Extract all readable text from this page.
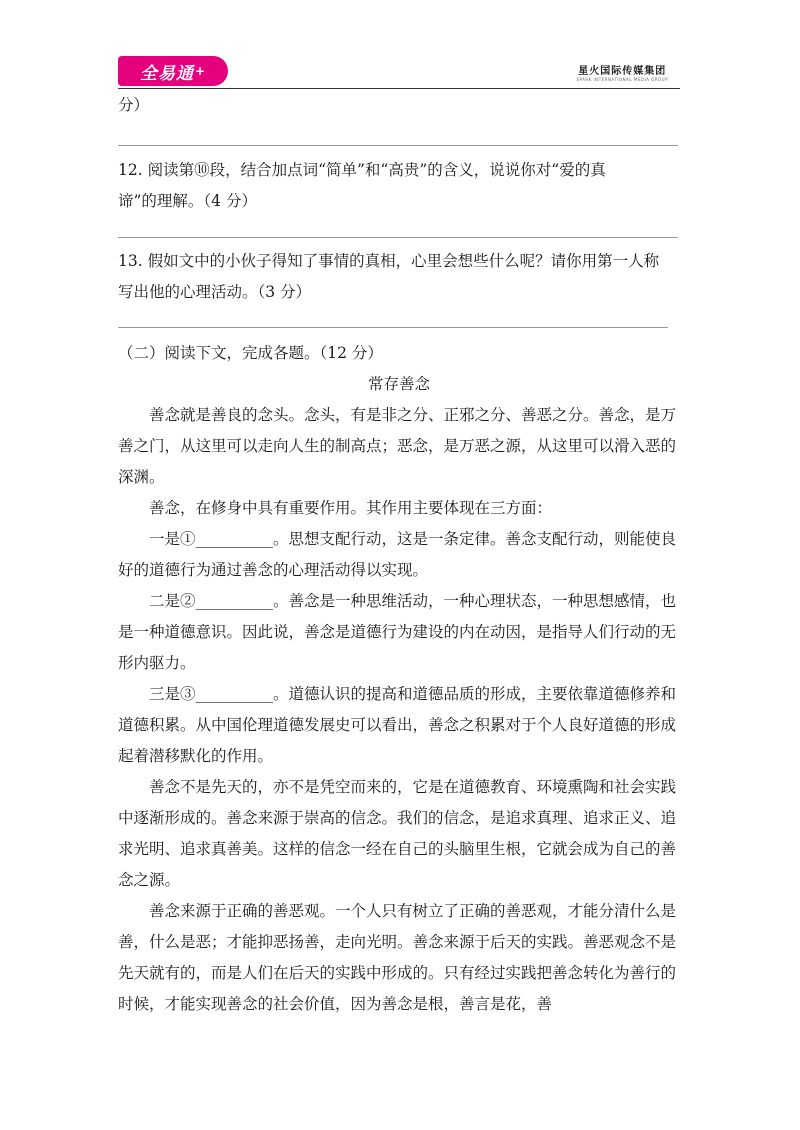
全易通 +	星火国际传媒集团
SPARK INTERNATIONAL MEDIA GROUP
分）
12. 阅读第⑩段，结合加点词“简单”和“高贵”的含义，说说你对“爱的真
谛”的理解。（4 分）
13. 假如文中的小伙子得知了事情的真相，心里会想些什么呢？请你用第一人称
写出他的心理活动。（3 分）
（二）阅读下文，完成各题。（12 分）
常存善念
善念就是善良的念头。念头，有是非之分、正邪之分、善恶之分。善念，是万善之门，从这里可以走向人生的制高点；恶念，是万恶之源，从这里可以滑入恶的深渊。
善念，在修身中具有重要作用。其作用主要体现在三方面：
一是①__________。思想支配行动，这是一条定律。善念支配行动，则能使良好的道德行为通过善念的心理活动得以实现。
二是②__________。善念是一种思维活动，一种心理状态，一种思想感情，也是一种道德意识。因此说，善念是道德行为建设的内在动因，是指导人们行动的无形内驱力。
三是③__________。道德认识的提高和道德品质的形成，主要依靠道德修养和道德积累。从中国伦理道德发展史可以看出，善念之积累对于个人良好道德的形成起着潜移默化的作用。
善念不是先天的，亦不是凭空而来的，它是在道德教育、环境熏陶和社会实践中逐渐形成的。善念来源于崇高的信念。我们的信念，是追求真理、追求正义、追求光明、追求真善美。这样的信念一经在自己的头脑里生根，它就会成为自己的善念之源。
善念来源于正确的善恶观。一个人只有树立了正确的善恶观，才能分清什么是善，什么是恶；才能抑恶扬善，走向光明。善念来源于后天的实践。善恶观念不是先天就有的，而是人们在后天的实践中形成的。只有经过实践把善念转化为善行的时候，才能实现善念的社会价值，因为善念是根，善言是花，善
